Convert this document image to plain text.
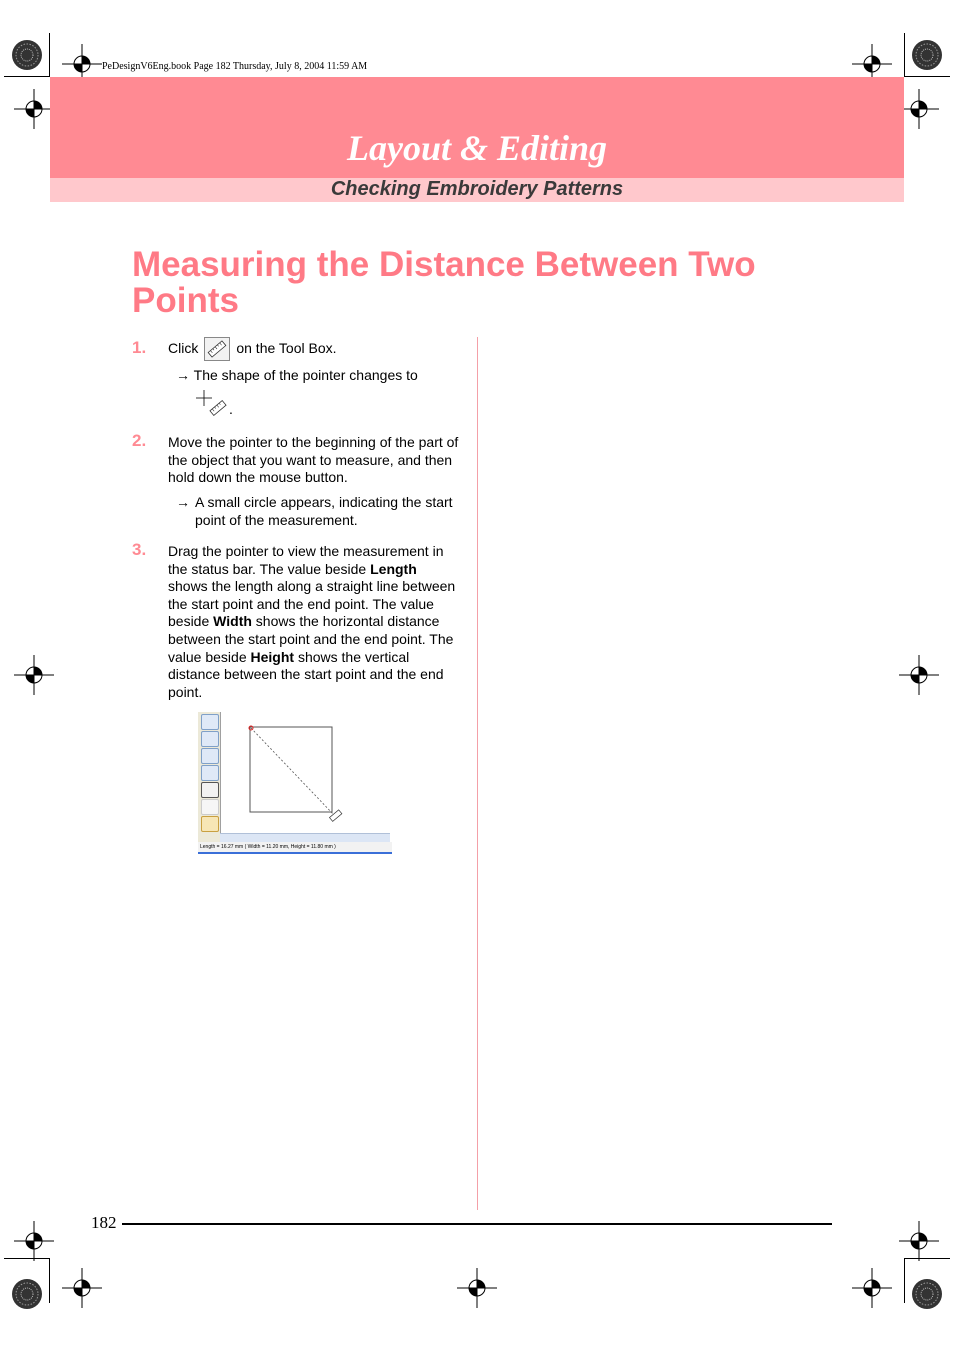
PeDesignV6Eng.book Page 182 Thursday, July 8, 2004 11:59 AM
Layout & Editing
Checking Embroidery Patterns
Measuring the Distance Between Two Points
1. Click	on the Tool Box.
→ The shape of the pointer changes to
.
2. Move the pointer to the beginning of the part of the object that you want to measure, and then hold down the mouse button.
→ A small circle appears, indicating the start point of the measurement.
3. Drag the pointer to view the measurement in the status bar. The value beside Length shows the length along a straight line between the start point and the end point. The value beside Width shows the horizontal distance between the start point and the end point. The value beside Height shows the vertical distance between the start point and the end point.
Length = 16.27 mm ( Width = 11.20 mm, Height = 11.80 mm )
182
